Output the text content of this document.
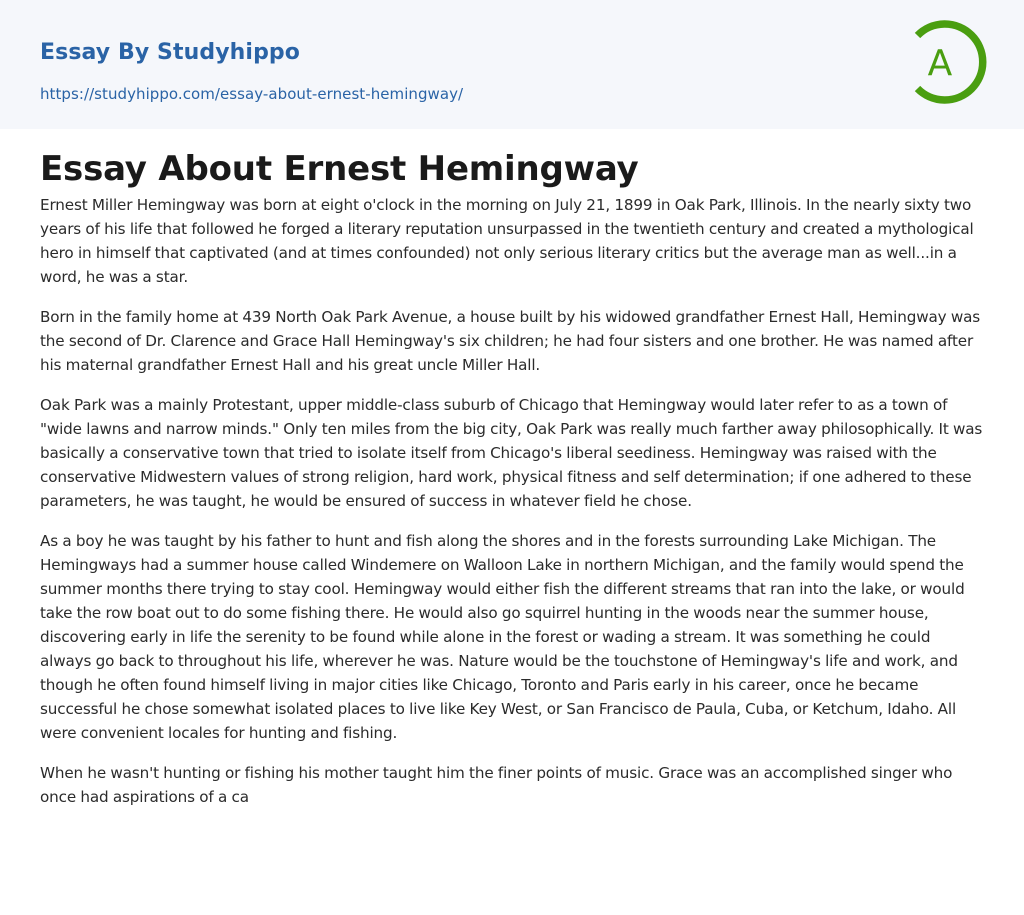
Essay By Studyhippo
https://studyhippo.com/essay-about-ernest-hemingway/
A
Essay About Ernest Hemingway

Ernest Miller Hemingway was born at eight o'clock in the morning on July 21, 1899 in Oak Park, Illinois. In the nearly sixty two years of his life that followed he forged a literary reputation unsurpassed in the twentieth century and created a mythological hero in himself that captivated (and at times confounded) not only serious literary critics but the average man as well...in a word, he was a star.

Born in the family home at 439 North Oak Park Avenue, a house built by his widowed grandfather Ernest Hall, Hemingway was the second of Dr. Clarence and Grace Hall Hemingway's six children; he had four sisters and one brother. He was named after his maternal grandfather Ernest Hall and his great uncle Miller Hall.

Oak Park was a mainly Protestant, upper middle-class suburb of Chicago that Hemingway would later refer to as a town of "wide lawns and narrow minds." Only ten miles from the big city, Oak Park was really much farther away philosophically. It was basically a conservative town that tried to isolate itself from Chicago's liberal seediness. Hemingway was raised with the conservative Midwestern values of strong religion, hard work, physical fitness and self determination; if one adhered to these parameters, he was taught, he would be ensured of success in whatever field he chose.

As a boy he was taught by his father to hunt and fish along the shores and in the forests surrounding Lake Michigan. The Hemingways had a summer house called Windemere on Walloon Lake in northern Michigan, and the family would spend the summer months there trying to stay cool. Hemingway would either fish the different streams that ran into the lake, or would take the row boat out to do some fishing there. He would also go squirrel hunting in the woods near the summer house, discovering early in life the serenity to be found while alone in the forest or wading a stream. It was something he could always go back to throughout his life, wherever he was. Nature would be the touchstone of Hemingway's life and work, and though he often found himself living in major cities like Chicago, Toronto and Paris early in his career, once he became successful he chose somewhat isolated places to live like Key West, or San Francisco de Paula, Cuba, or Ketchum, Idaho. All were convenient locales for hunting and fishing.

When he wasn't hunting or fishing his mother taught him the finer points of music. Grace was an accomplished singer who once had aspirations of a ca
